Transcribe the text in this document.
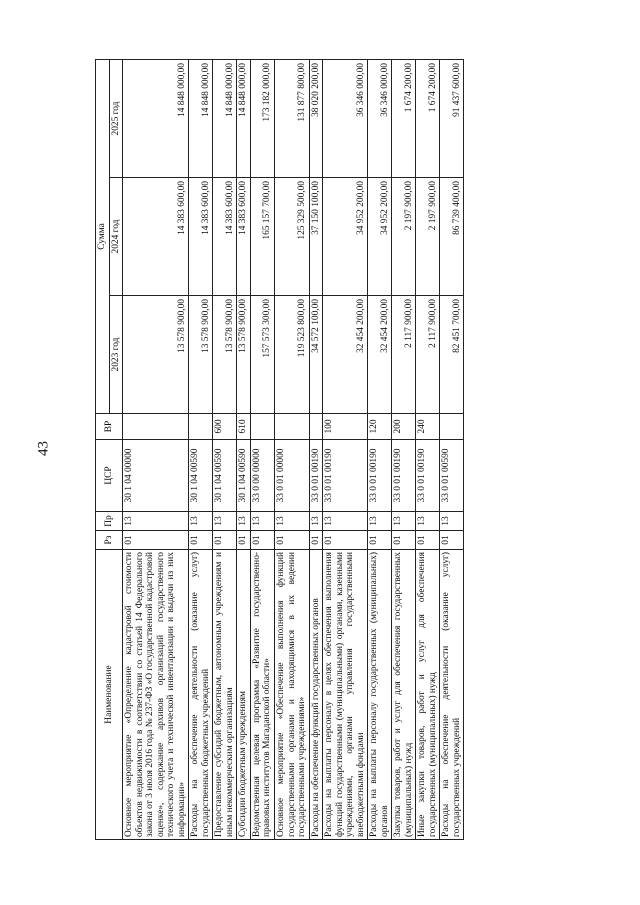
43
Наименование	Рз	Пр	ЦСР	ВР	Сумма		
					2023 год	2024 год	2025 год
Основное мероприятие «Определение кадастровой стоимости объектов недвижимости в соответствии со статьей 14 Федерального закона от 3 июля 2016 года № 237-ФЗ «О государственной кадастровой оценке», содержание архивов организаций государственного технического учета и технической инвентаризации и выдачи из них информации»	01	13	30 1 04 00000		13 578 900,00	14 383 600,00	14 848 000,00
Расходы на обеспечение деятельности (оказание услуг) государственных бюджетных учреждений	01	13	30 1 04 00590		13 578 900,00	14 383 600,00	14 848 000,00
Предоставление субсидий бюджетным, автономным учреждениям и иным некоммерческим организациям	01	13	30 1 04 00590	600	13 578 900,00	14 383 600,00	14 848 000,00
Субсидии бюджетным учреждениям	01	13	30 1 04 00590	610	13 578 900,00	14 383 600,00	14 848 000,00
Ведомственная целевая программа «Развитие государственно-правовых институтов Магаданской области»	01	13	33 0 00 00000		157 573 300,00	165 157 700,00	173 182 000,00
Основное мероприятие «Обеспечение выполнения функций государственными органами и находящимися в их ведении государственными учреждениями»	01	13	33 0 01 00000		119 523 800,00	125 329 500,00	131 877 800,00
Расходы на обеспечение функций государственных органов	01	13	33 0 01 00190		34 572 100,00	37 150 100,00	38 020 200,00
Расходы на выплаты персоналу в целях обеспечения выполнения функций государственными (муниципальными) органами, казенными учреждениями, органами управления государственными внебюджетными фондами	01	13	33 0 01 00190	100	32 454 200,00	34 952 200,00	36 346 000,00
Расходы на выплаты персоналу государственных (муниципальных) органов	01	13	33 0 01 00190	120	32 454 200,00	34 952 200,00	36 346 000,00
Закупка товаров, работ и услуг для обеспечения государственных (муниципальных) нужд	01	13	33 0 01 00190	200	2 117 900,00	2 197 900,00	1 674 200,00
Иные закупки товаров, работ и услуг для обеспечения государственных (муниципальных) нужд	01	13	33 0 01 00190	240	2 117 900,00	2 197 900,00	1 674 200,00
Расходы на обеспечение деятельности (оказание услуг) государственных учреждений	01	13	33 0 01 00590		82 451 700,00	86 739 400,00	91 437 600,00
